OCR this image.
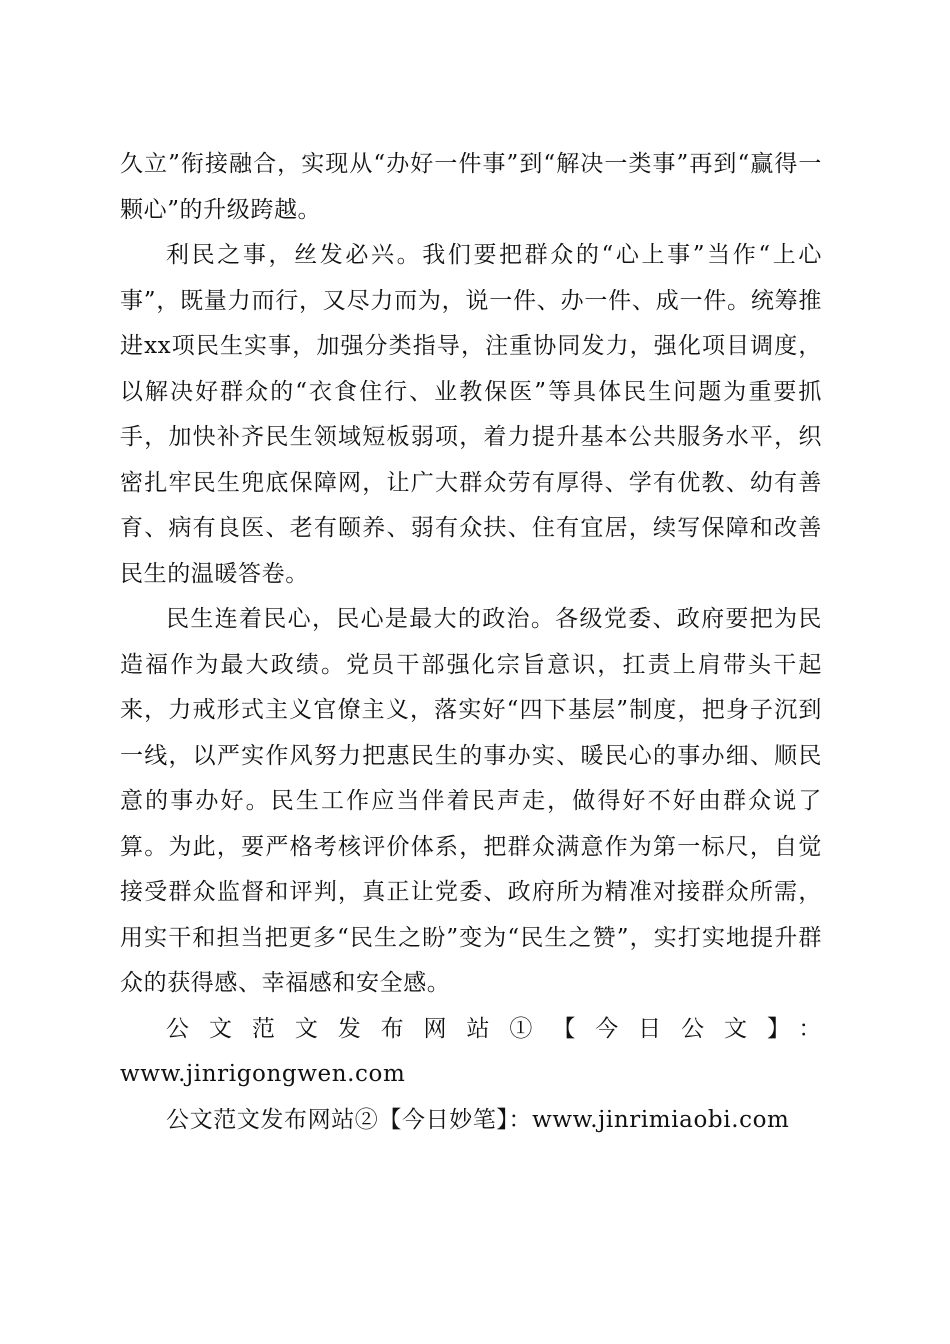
久立”衔接融合，实现从“办好一件事”到“解决一类事”再到“赢得一颗心”的升级跨越。

利民之事，丝发必兴。我们要把群众的“心上事”当作“上心事”，既量力而行，又尽力而为，说一件、办一件、成一件。统筹推进xx项民生实事，加强分类指导，注重协同发力，强化项目调度，以解决好群众的“衣食住行、业教保医”等具体民生问题为重要抓手，加快补齐民生领域短板弱项，着力提升基本公共服务水平，织密扎牢民生兜底保障网，让广大群众劳有厚得、学有优教、幼有善育、病有良医、老有颐养、弱有众扶、住有宜居，续写保障和改善民生的温暖答卷。

民生连着民心，民心是最大的政治。各级党委、政府要把为民造福作为最大政绩。党员干部强化宗旨意识，扛责上肩带头干起来，力戒形式主义官僚主义，落实好“四下基层”制度，把身子沉到一线，以严实作风努力把惠民生的事办实、暖民心的事办细、顺民意的事办好。民生工作应当伴着民声走，做得好不好由群众说了算。为此，要严格考核评价体系，把群众满意作为第一标尺，自觉接受群众监督和评判，真正让党委、政府所为精准对接群众所需，用实干和担当把更多“民生之盼”变为“民生之赞”，实打实地提升群众的获得感、幸福感和安全感。

公文范文发布网站①【今日公文】：

www.jinrigongwen.com

公文范文发布网站②【今日妙笔】：www.jinrimiaobi.com
